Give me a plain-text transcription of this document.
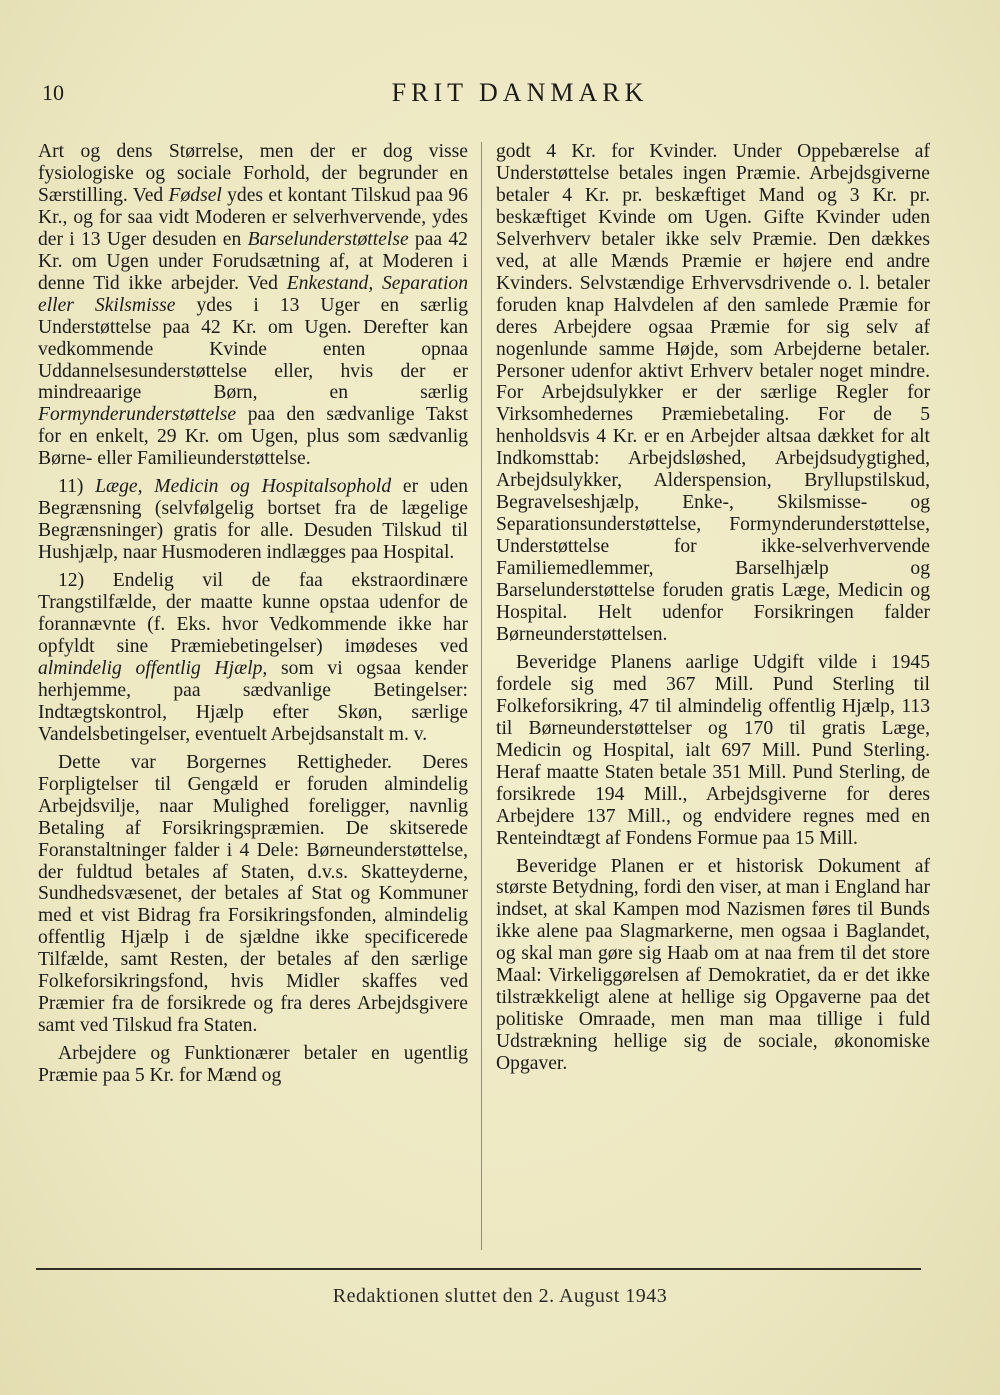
10	FRIT DANMARK

Art og dens Størrelse, men der er dog visse fysiologiske og sociale Forhold, der begrunder en Særstilling. Ved Fødsel ydes et kontant Tilskud paa 96 Kr., og for saa vidt Moderen er selverhvervende, ydes der i 13 Uger desuden en Barselunderstøttelse paa 42 Kr. om Ugen under Forudsætning af, at Moderen i denne Tid ikke arbejder. Ved Enkestand, Separation eller Skilsmisse ydes i 13 Uger en særlig Understøttelse paa 42 Kr. om Ugen. Derefter kan vedkommende Kvinde enten opnaa Uddannelsesunderstøttelse eller, hvis der er mindreaarige Børn, en særlig Formynderunderstøttelse paa den sædvanlige Takst for en enkelt, 29 Kr. om Ugen, plus som sædvanlig Børne- eller Familieunderstøttelse.

11) Læge, Medicin og Hospitalsophold er uden Begrænsning (selvfølgelig bortset fra de lægelige Begrænsninger) gratis for alle. Desuden Tilskud til Hushjælp, naar Husmoderen indlægges paa Hospital.

12) Endelig vil de faa ekstraordinære Trangstilfælde, der maatte kunne opstaa udenfor de forannævnte (f. Eks. hvor Vedkommende ikke har opfyldt sine Præmiebetingelser) imødeses ved almindelig offentlig Hjælp, som vi ogsaa kender herhjemme, paa sædvanlige Betingelser: Indtægtskontrol, Hjælp efter Skøn, særlige Vandelsbetingelser, eventuelt Arbejdsanstalt m. v.

Dette var Borgernes Rettigheder. Deres Forpligtelser til Gengæld er foruden almindelig Arbejdsvilje, naar Mulighed foreligger, navnlig Betaling af Forsikringspræmien. De skitserede Foranstaltninger falder i 4 Dele: Børneunderstøttelse, der fuldtud betales af Staten, d.v.s. Skatteyderne, Sundhedsvæsenet, der betales af Stat og Kommuner med et vist Bidrag fra Forsikringsfonden, almindelig offentlig Hjælp i de sjældne ikke specificerede Tilfælde, samt Resten, der betales af den særlige Folkeforsikringsfond, hvis Midler skaffes ved Præmier fra de forsikrede og fra deres Arbejdsgivere samt ved Tilskud fra Staten.

Arbejdere og Funktionærer betaler en ugentlig Præmie paa 5 Kr. for Mænd og

godt 4 Kr. for Kvinder. Under Oppebærelse af Understøttelse betales ingen Præmie. Arbejdsgiverne betaler 4 Kr. pr. beskæftiget Mand og 3 Kr. pr. beskæftiget Kvinde om Ugen. Gifte Kvinder uden Selverhverv betaler ikke selv Præmie. Den dækkes ved, at alle Mænds Præmie er højere end andre Kvinders. Selvstændige Erhvervsdrivende o. l. betaler foruden knap Halvdelen af den samlede Præmie for deres Arbejdere ogsaa Præmie for sig selv af nogenlunde samme Højde, som Arbejderne betaler. Personer udenfor aktivt Erhverv betaler noget mindre. For Arbejdsulykker er der særlige Regler for Virksomhedernes Præmiebetaling. For de 5 henholdsvis 4 Kr. er en Arbejder altsaa dækket for alt Indkomsttab: Arbejdsløshed, Arbejdsudygtighed, Arbejdsulykker, Alderspension, Bryllupstilskud, Begravelseshjælp, Enke-, Skilsmisse- og Separationsunderstøttelse, Formynderunderstøttelse, Understøttelse for ikke-selverhvervende Familiemedlemmer, Barselhjælp og Barselunderstøttelse foruden gratis Læge, Medicin og Hospital. Helt udenfor Forsikringen falder Børneunderstøttelsen.

Beveridge Planens aarlige Udgift vilde i 1945 fordele sig med 367 Mill. Pund Sterling til Folkeforsikring, 47 til almindelig offentlig Hjælp, 113 til Børneunderstøttelser og 170 til gratis Læge, Medicin og Hospital, ialt 697 Mill. Pund Sterling. Heraf maatte Staten betale 351 Mill. Pund Sterling, de forsikrede 194 Mill., Arbejdsgiverne for deres Arbejdere 137 Mill., og endvidere regnes med en Renteindtægt af Fondens Formue paa 15 Mill.

Beveridge Planen er et historisk Dokument af største Betydning, fordi den viser, at man i England har indset, at skal Kampen mod Nazismen føres til Bunds ikke alene paa Slagmarkerne, men ogsaa i Baglandet, og skal man gøre sig Haab om at naa frem til det store Maal: Virkeliggørelsen af Demokratiet, da er det ikke tilstrækkeligt alene at hellige sig Opgaverne paa det politiske Omraade, men man maa tillige i fuld Udstrækning hellige sig de sociale, økonomiske Opgaver.

Redaktionen sluttet den 2. August 1943
